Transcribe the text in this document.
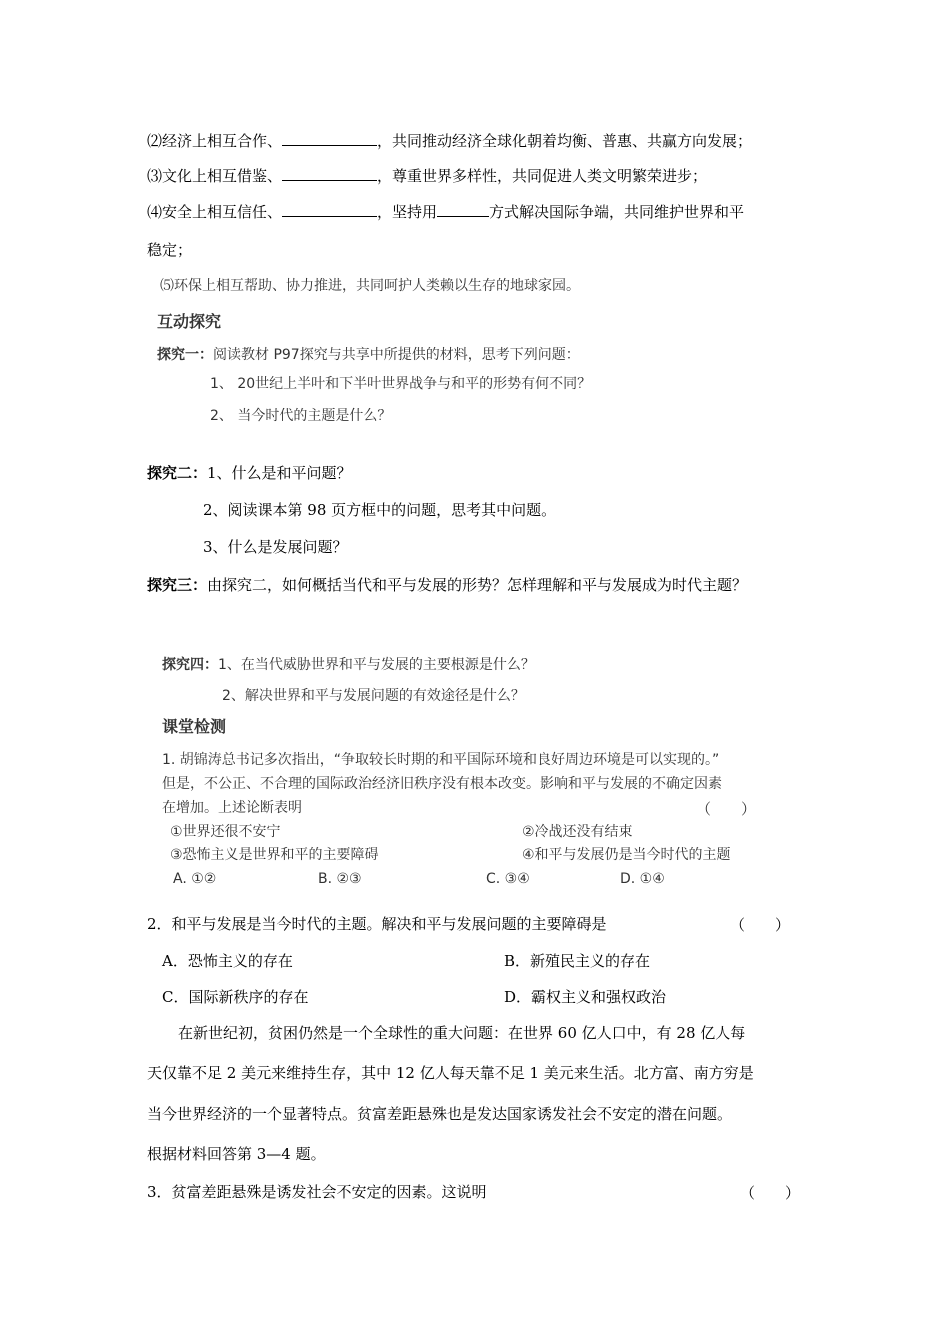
⑵经济上相互合作、	，共同推动经济全球化朝着均衡、普惠、共赢方向发展；
⑶文化上相互借鉴、	，尊重世界多样性，共同促进人类文明繁荣进步；
⑷安全上相互信任、	，坚持用	方式解决国际争端，共同维护世界和平
稳定；
⑸环保上相互帮助、协力推进，共同呵护人类赖以生存的地球家园。
互动探究
探究一：阅读教材 P97探究与共享中所提供的材料，思考下列问题：
1、 20世纪上半叶和下半叶世界战争与和平的形势有何不同？
2、 当今时代的主题是什么？
探究二：1、什么是和平问题？
2、阅读课本第 98 页方框中的问题，思考其中问题。
3、什么是发展问题？
探究三：由探究二，如何概括当代和平与发展的形势？怎样理解和平与发展成为时代主题？
探究四：1、在当代威胁世界和平与发展的主要根源是什么？
2、解决世界和平与发展问题的有效途径是什么？
课堂检测
1. 胡锦涛总书记多次指出，“争取较长时期的和平国际环境和良好周边环境是可以实现的。”
但是，不公正、不合理的国际政治经济旧秩序没有根本改变。影响和平与发展的不确定因素
在增加。上述论断表明	（　　）
①世界还很不安宁	②冷战还没有结束
③恐怖主义是世界和平的主要障碍	④和平与发展仍是当今时代的主题
A. ①②	B. ②③	C. ③④	D. ①④
2．和平与发展是当今时代的主题。解决和平与发展问题的主要障碍是	（　　）
A．恐怖主义的存在	B．新殖民主义的存在
C．国际新秩序的存在	D．霸权主义和强权政治
在新世纪初，贫困仍然是一个全球性的重大问题：在世界 60 亿人口中，有 28 亿人每
天仅靠不足 2 美元来维持生存，其中 12 亿人每天靠不足 1 美元来生活。北方富、南方穷是
当今世界经济的一个显著特点。贫富差距悬殊也是发达国家诱发社会不安定的潜在问题。
根据材料回答第 3—4 题。
3．贫富差距悬殊是诱发社会不安定的因素。这说明	（　　）
